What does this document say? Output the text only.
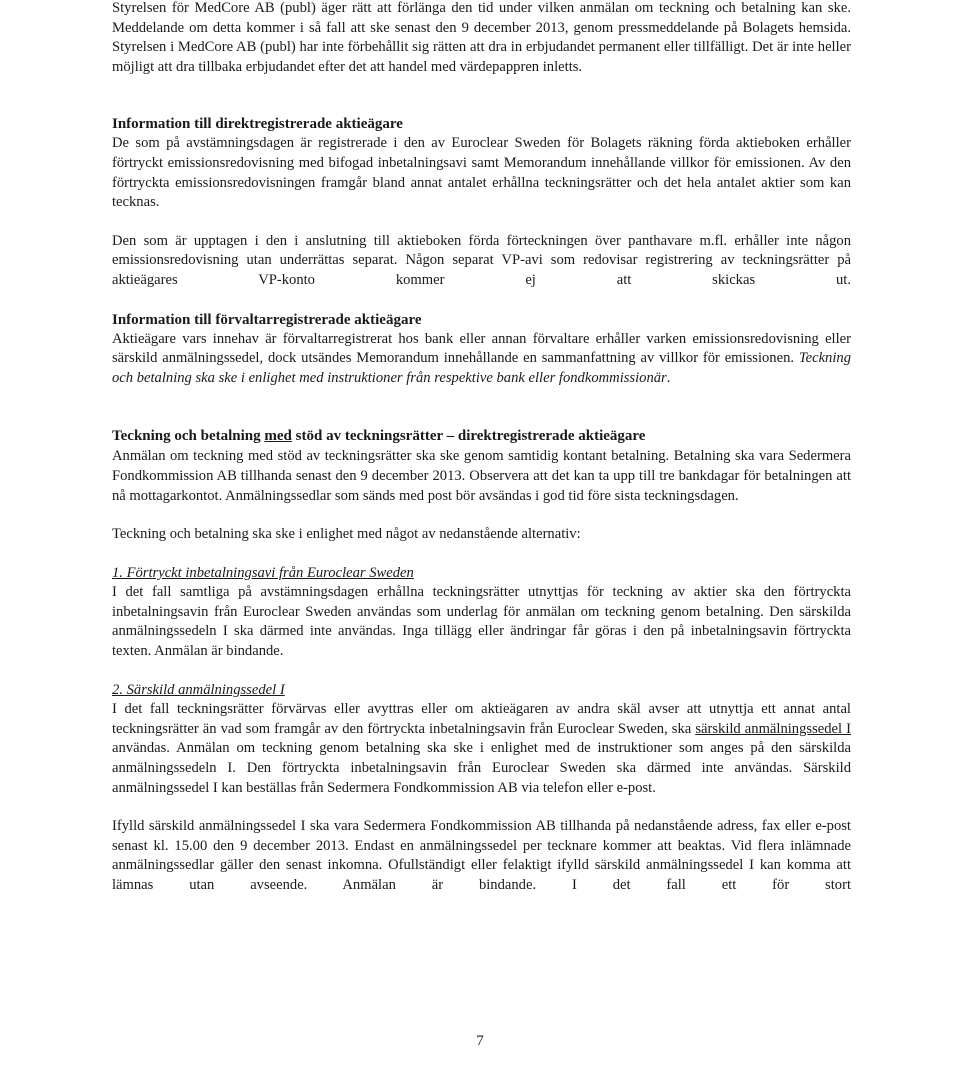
Styrelsen för MedCore AB (publ) äger rätt att förlänga den tid under vilken anmälan om teckning och betalning kan ske. Meddelande om detta kommer i så fall att ske senast den 9 december 2013, genom pressmeddelande på Bolagets hemsida. Styrelsen i MedCore AB (publ) har inte förbehållit sig rätten att dra in erbjudandet permanent eller tillfälligt. Det är inte heller möjligt att dra tillbaka erbjudandet efter det att handel med värdepappren inletts.

Information till direktregistrerade aktieägare

De som på avstämningsdagen är registrerade i den av Euroclear Sweden för Bolagets räkning förda aktieboken erhåller förtryckt emissionsredovisning med bifogad inbetalningsavi samt Memorandum innehållande villkor för emissionen. Av den förtryckta emissionsredovisningen framgår bland annat antalet erhållna teckningsrätter och det hela antalet aktier som kan tecknas.

Den som är upptagen i den i anslutning till aktieboken förda förteckningen över panthavare m.fl. erhåller inte någon emissionsredovisning utan underrättas separat. Någon separat VP-avi som redovisar registrering av teckningsrätter på aktieägares VP-konto kommer ej att skickas ut.

Information till förvaltarregistrerade aktieägare

Aktieägare vars innehav är förvaltarregistrerat hos bank eller annan förvaltare erhåller varken emissionsredovisning eller särskild anmälningssedel, dock utsändes Memorandum innehållande en sammanfattning av villkor för emissionen. Teckning och betalning ska ske i enlighet med instruktioner från respektive bank eller fondkommissionär.

Teckning och betalning med stöd av teckningsrätter – direktregistrerade aktieägare

Anmälan om teckning med stöd av teckningsrätter ska ske genom samtidig kontant betalning. Betalning ska vara Sedermera Fondkommission AB tillhanda senast den 9 december 2013. Observera att det kan ta upp till tre bankdagar för betalningen att nå mottagarkontot. Anmälningssedlar som sänds med post bör avsändas i god tid före sista teckningsdagen.

Teckning och betalning ska ske i enlighet med något av nedanstående alternativ:

1. Förtryckt inbetalningsavi från Euroclear Sweden

I det fall samtliga på avstämningsdagen erhållna teckningsrätter utnyttjas för teckning av aktier ska den förtryckta inbetalningsavin från Euroclear Sweden användas som underlag för anmälan om teckning genom betalning. Den särskilda anmälningssedeln I ska därmed inte användas. Inga tillägg eller ändringar får göras i den på inbetalningsavin förtryckta texten. Anmälan är bindande.

2. Särskild anmälningssedel I

I det fall teckningsrätter förvärvas eller avyttras eller om aktieägaren av andra skäl avser att utnyttja ett annat antal teckningsrätter än vad som framgår av den förtryckta inbetalningsavin från Euroclear Sweden, ska särskild anmälningssedel I användas. Anmälan om teckning genom betalning ska ske i enlighet med de instruktioner som anges på den särskilda anmälningssedeln I. Den förtryckta inbetalningsavin från Euroclear Sweden ska därmed inte användas. Särskild anmälningssedel I kan beställas från Sedermera Fondkommission AB via telefon eller e-post.

Ifylld särskild anmälningssedel I ska vara Sedermera Fondkommission AB tillhanda på nedanstående adress, fax eller e-post senast kl. 15.00 den 9 december 2013. Endast en anmälningssedel per tecknare kommer att beaktas. Vid flera inlämnade anmälningssedlar gäller den senast inkomna. Ofullständigt eller felaktigt ifylld särskild anmälningssedel I kan komma att lämnas utan avseende. Anmälan är bindande. I det fall ett för stort

7
